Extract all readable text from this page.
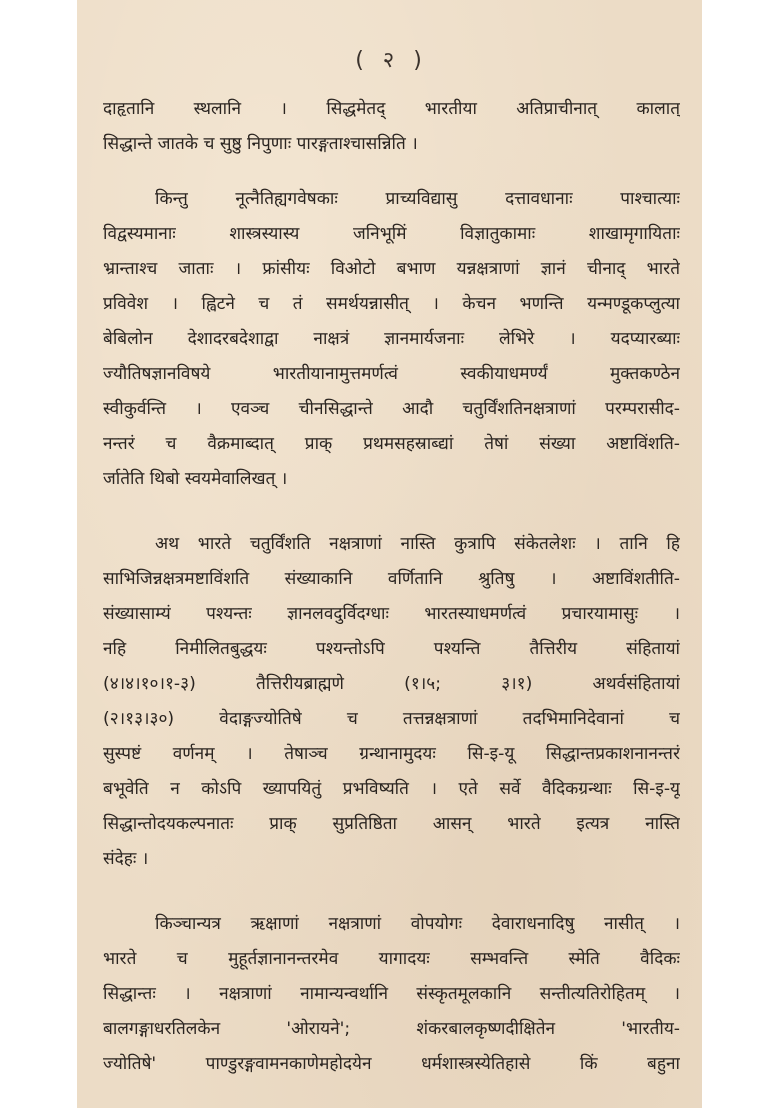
( २ )

दाहृतानि स्थलानि । सिद्धमेतद् भारतीया अतिप्राचीनात् कालात्
सिद्धान्ते जातके च सुष्ठु निपुणाः पारङ्गताश्चासन्निति ।

किन्तु नूत्नैतिह्यगवेषकाः प्राच्यविद्यासु दत्तावधानाः पाश्चात्याः
विद्वस्यमानाः शास्त्रस्यास्य जनिभूमिं विज्ञातुकामाः शाखामृगायिताः
भ्रान्ताश्च जाताः । फ्रांसीयः विओटो बभाण यन्नक्षत्राणां ज्ञानं चीनाद् भारते
प्रविवेश । ह्विटने च तं समर्थयन्नासीत् । केचन भणन्ति यन्मण्डूकप्लुत्या
बेबिलोन देशादरबदेशाद्वा नाक्षत्रं ज्ञानमार्यजनाः लेभिरे । यदप्यारब्याः
ज्यौतिषज्ञानविषये भारतीयानामुत्तमर्णत्वं स्वकीयाधमर्ण्यं मुक्तकण्ठेन
स्वीकुर्वन्ति । एवञ्च चीनसिद्धान्ते आदौ चतुर्विंशतिनक्षत्राणां परम्परासीद-
नन्तरं च वैक्रमाब्दात् प्राक् प्रथमसहस्राब्द्यां तेषां संख्या अष्टाविंशति-
र्जातेति थिबो स्वयमेवालिखत् ।

अथ भारते चतुर्विंशति नक्षत्राणां नास्ति कुत्रापि संकेतलेशः । तानि हि
साभिजिन्नक्षत्रमष्टाविंशति संख्याकानि वर्णितानि श्रुतिषु । अष्टाविंशतीति-
संख्यासाम्यं पश्यन्तः ज्ञानलवदुर्विदग्धाः भारतस्याधमर्णत्वं प्रचारयामासुः ।
नहि निमीलितबुद्धयः पश्यन्तोऽपि पश्यन्ति तैत्तिरीय संहितायां
(४।४।१०।१-३) तैत्तिरीयब्राह्मणे (१।५; ३।१) अथर्वसंहितायां
(२।१३।३०) वेदाङ्गज्योतिषे च तत्तन्नक्षत्राणां तदभिमानिदेवानां च
सुस्पष्टं वर्णनम् । तेषाञ्च ग्रन्थानामुदयः सि-इ-यू सिद्धान्तप्रकाशनानन्तरं
बभूवेति न कोऽपि ख्यापयितुं प्रभविष्यति । एते सर्वे वैदिकग्रन्थाः सि-इ-यू
सिद्धान्तोदयकल्पनातः प्राक् सुप्रतिष्ठिता आसन् भारते इत्यत्र नास्ति
संदेहः ।

किञ्चान्यत्र ऋक्षाणां नक्षत्राणां वोपयोगः देवाराधनादिषु नासीत् ।
भारते च मुहूर्तज्ञानानन्तरमेव यागादयः सम्भवन्ति स्मेति वैदिकः
सिद्धान्तः । नक्षत्राणां नामान्यन्वर्थानि संस्कृतमूलकानि सन्तीत्यतिरोहितम् ।
बालगङ्गाधरतिलकेन 'ओरायने'; शंकरबालकृष्णदीक्षितेन 'भारतीय-
ज्योतिषे' पाण्डुरङ्गवामनकाणेमहोदयेन धर्मशास्त्रस्येतिहासे किं बहुना
